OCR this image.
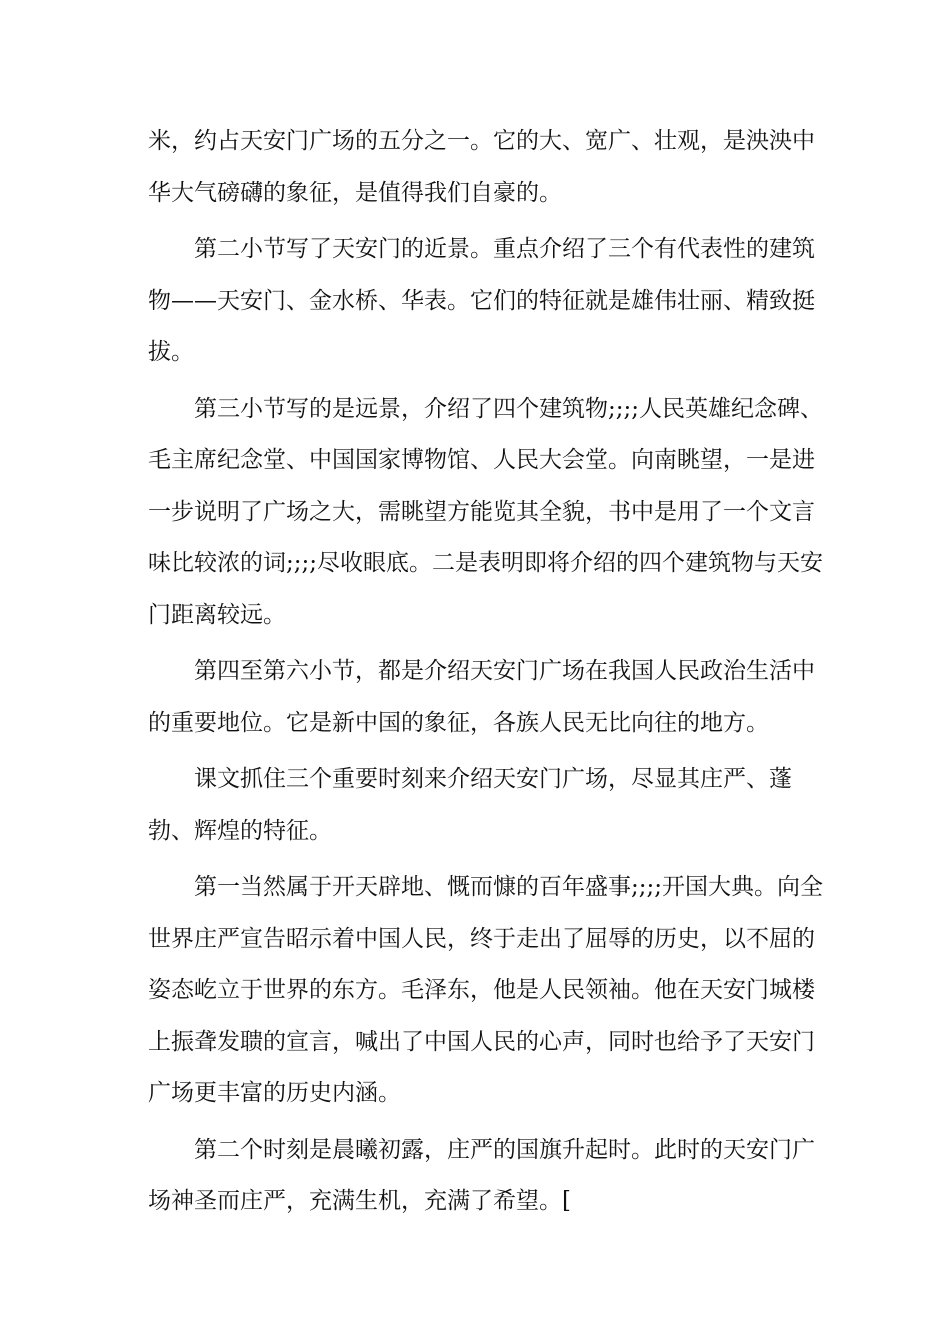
米，约占天安门广场的五分之一。它的大、宽广、壮观，是泱泱中
华大气磅礴的象征，是值得我们自豪的。
第二小节写了天安门的近景。重点介绍了三个有代表性的建筑
物——天安门、金水桥、华表。它们的特征就是雄伟壮丽、精致挺
拔。
第三小节写的是远景，介绍了四个建筑物;;;;人民英雄纪念碑、
毛主席纪念堂、中国国家博物馆、人民大会堂。向南眺望，一是进
一步说明了广场之大，需眺望方能览其全貌，书中是用了一个文言
味比较浓的词;;;;尽收眼底。二是表明即将介绍的四个建筑物与天安
门距离较远。
第四至第六小节，都是介绍天安门广场在我国人民政治生活中
的重要地位。它是新中国的象征，各族人民无比向往的地方。
课文抓住三个重要时刻来介绍天安门广场，尽显其庄严、蓬
勃、辉煌的特征。
第一当然属于开天辟地、慨而慷的百年盛事;;;;开国大典。向全
世界庄严宣告昭示着中国人民，终于走出了屈辱的历史，以不屈的
姿态屹立于世界的东方。毛泽东，他是人民领袖。他在天安门城楼
上振聋发聩的宣言，喊出了中国人民的心声，同时也给予了天安门
广场更丰富的历史内涵。
第二个时刻是晨曦初露，庄严的国旗升起时。此时的天安门广
场神圣而庄严，充满生机，充满了希望。[
